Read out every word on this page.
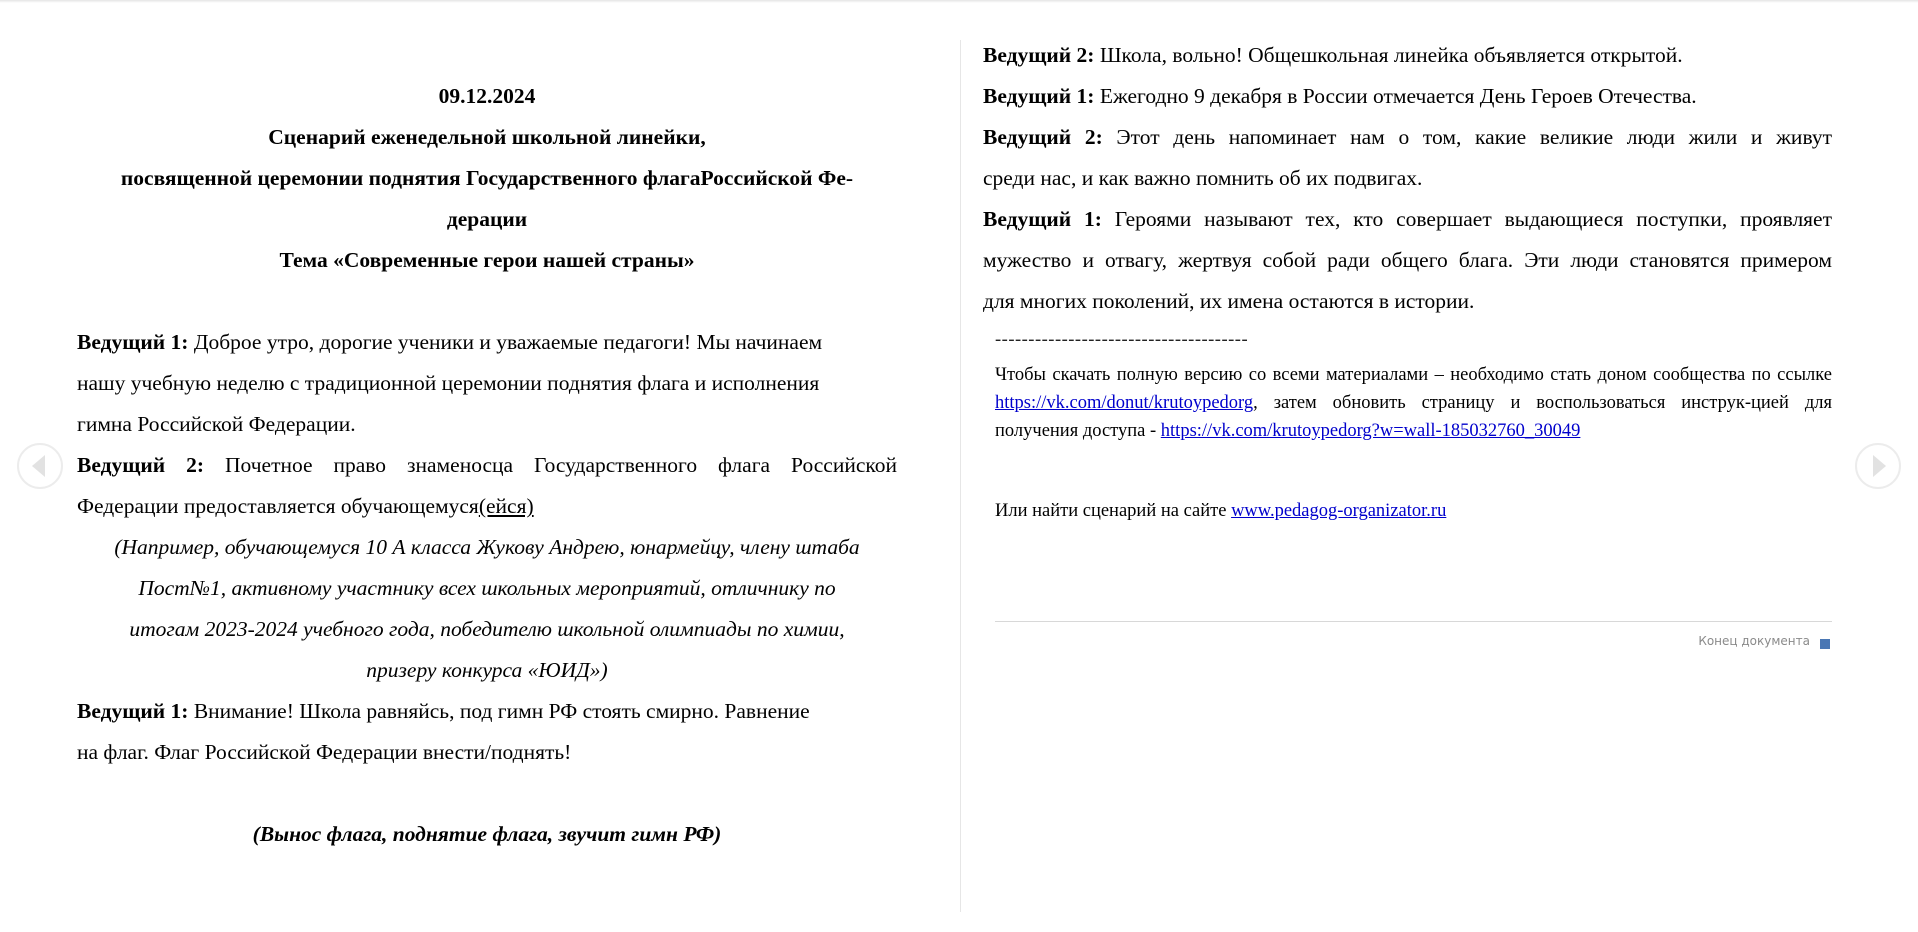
09.12.2024
Сценарий еженедельной школьной линейки,
посвященной церемонии поднятия Государственного флагаРоссийской Фе-
дерации
Тема «Современные герои нашей страны»
Ведущий 1: Доброе утро, дорогие ученики и уважаемые педагоги! Мы начинаем
нашу учебную неделю с традиционной церемонии поднятия флага и исполнения
гимна Российской Федерации.
Ведущий 2: Почетное право знаменосца Государственного флага Российской
Федерации предоставляется обучающемуся(ейся)
(Например, обучающемуся 10 А класса Жукову Андрею, юнармейцу, члену штаба
Пост№1, активному участнику всех школьных мероприятий, отличнику по
итогам 2023-2024 учебного года, победителю школьной олимпиады по химии,
призеру конкурса «ЮИД»)
Ведущий 1: Внимание! Школа равняйсь, под гимн РФ стоять смирно. Равнение
на флаг. Флаг Российской Федерации внести/поднять!
(Вынос флага, поднятие флага, звучит гимн РФ)
Ведущий 2: Школа, вольно! Общешкольная линейка объявляется открытой.
Ведущий 1: Ежегодно 9 декабря в России отмечается День Героев Отечества.
Ведущий 2: Этот день напоминает нам о том, какие великие люди жили и живут
среди нас, и как важно помнить об их подвигах.
Ведущий 1: Героями называют тех, кто совершает выдающиеся поступки, проявляет
мужество и отвагу, жертвуя собой ради общего блага. Эти люди становятся примером
для многих поколений, их имена остаются в истории.
--------------------------------------
Чтобы скачать полную версию со всеми материалами – необходимо стать доном сообщества по ссылке https://vk.com/donut/krutoypedorg, затем обновить страницу и воспользоваться инструк-цией для получения доступа - https://vk.com/krutoypedorg?w=wall-185032760_30049
Или найти сценарий на сайте www.pedagog-organizator.ru
Конец документа
